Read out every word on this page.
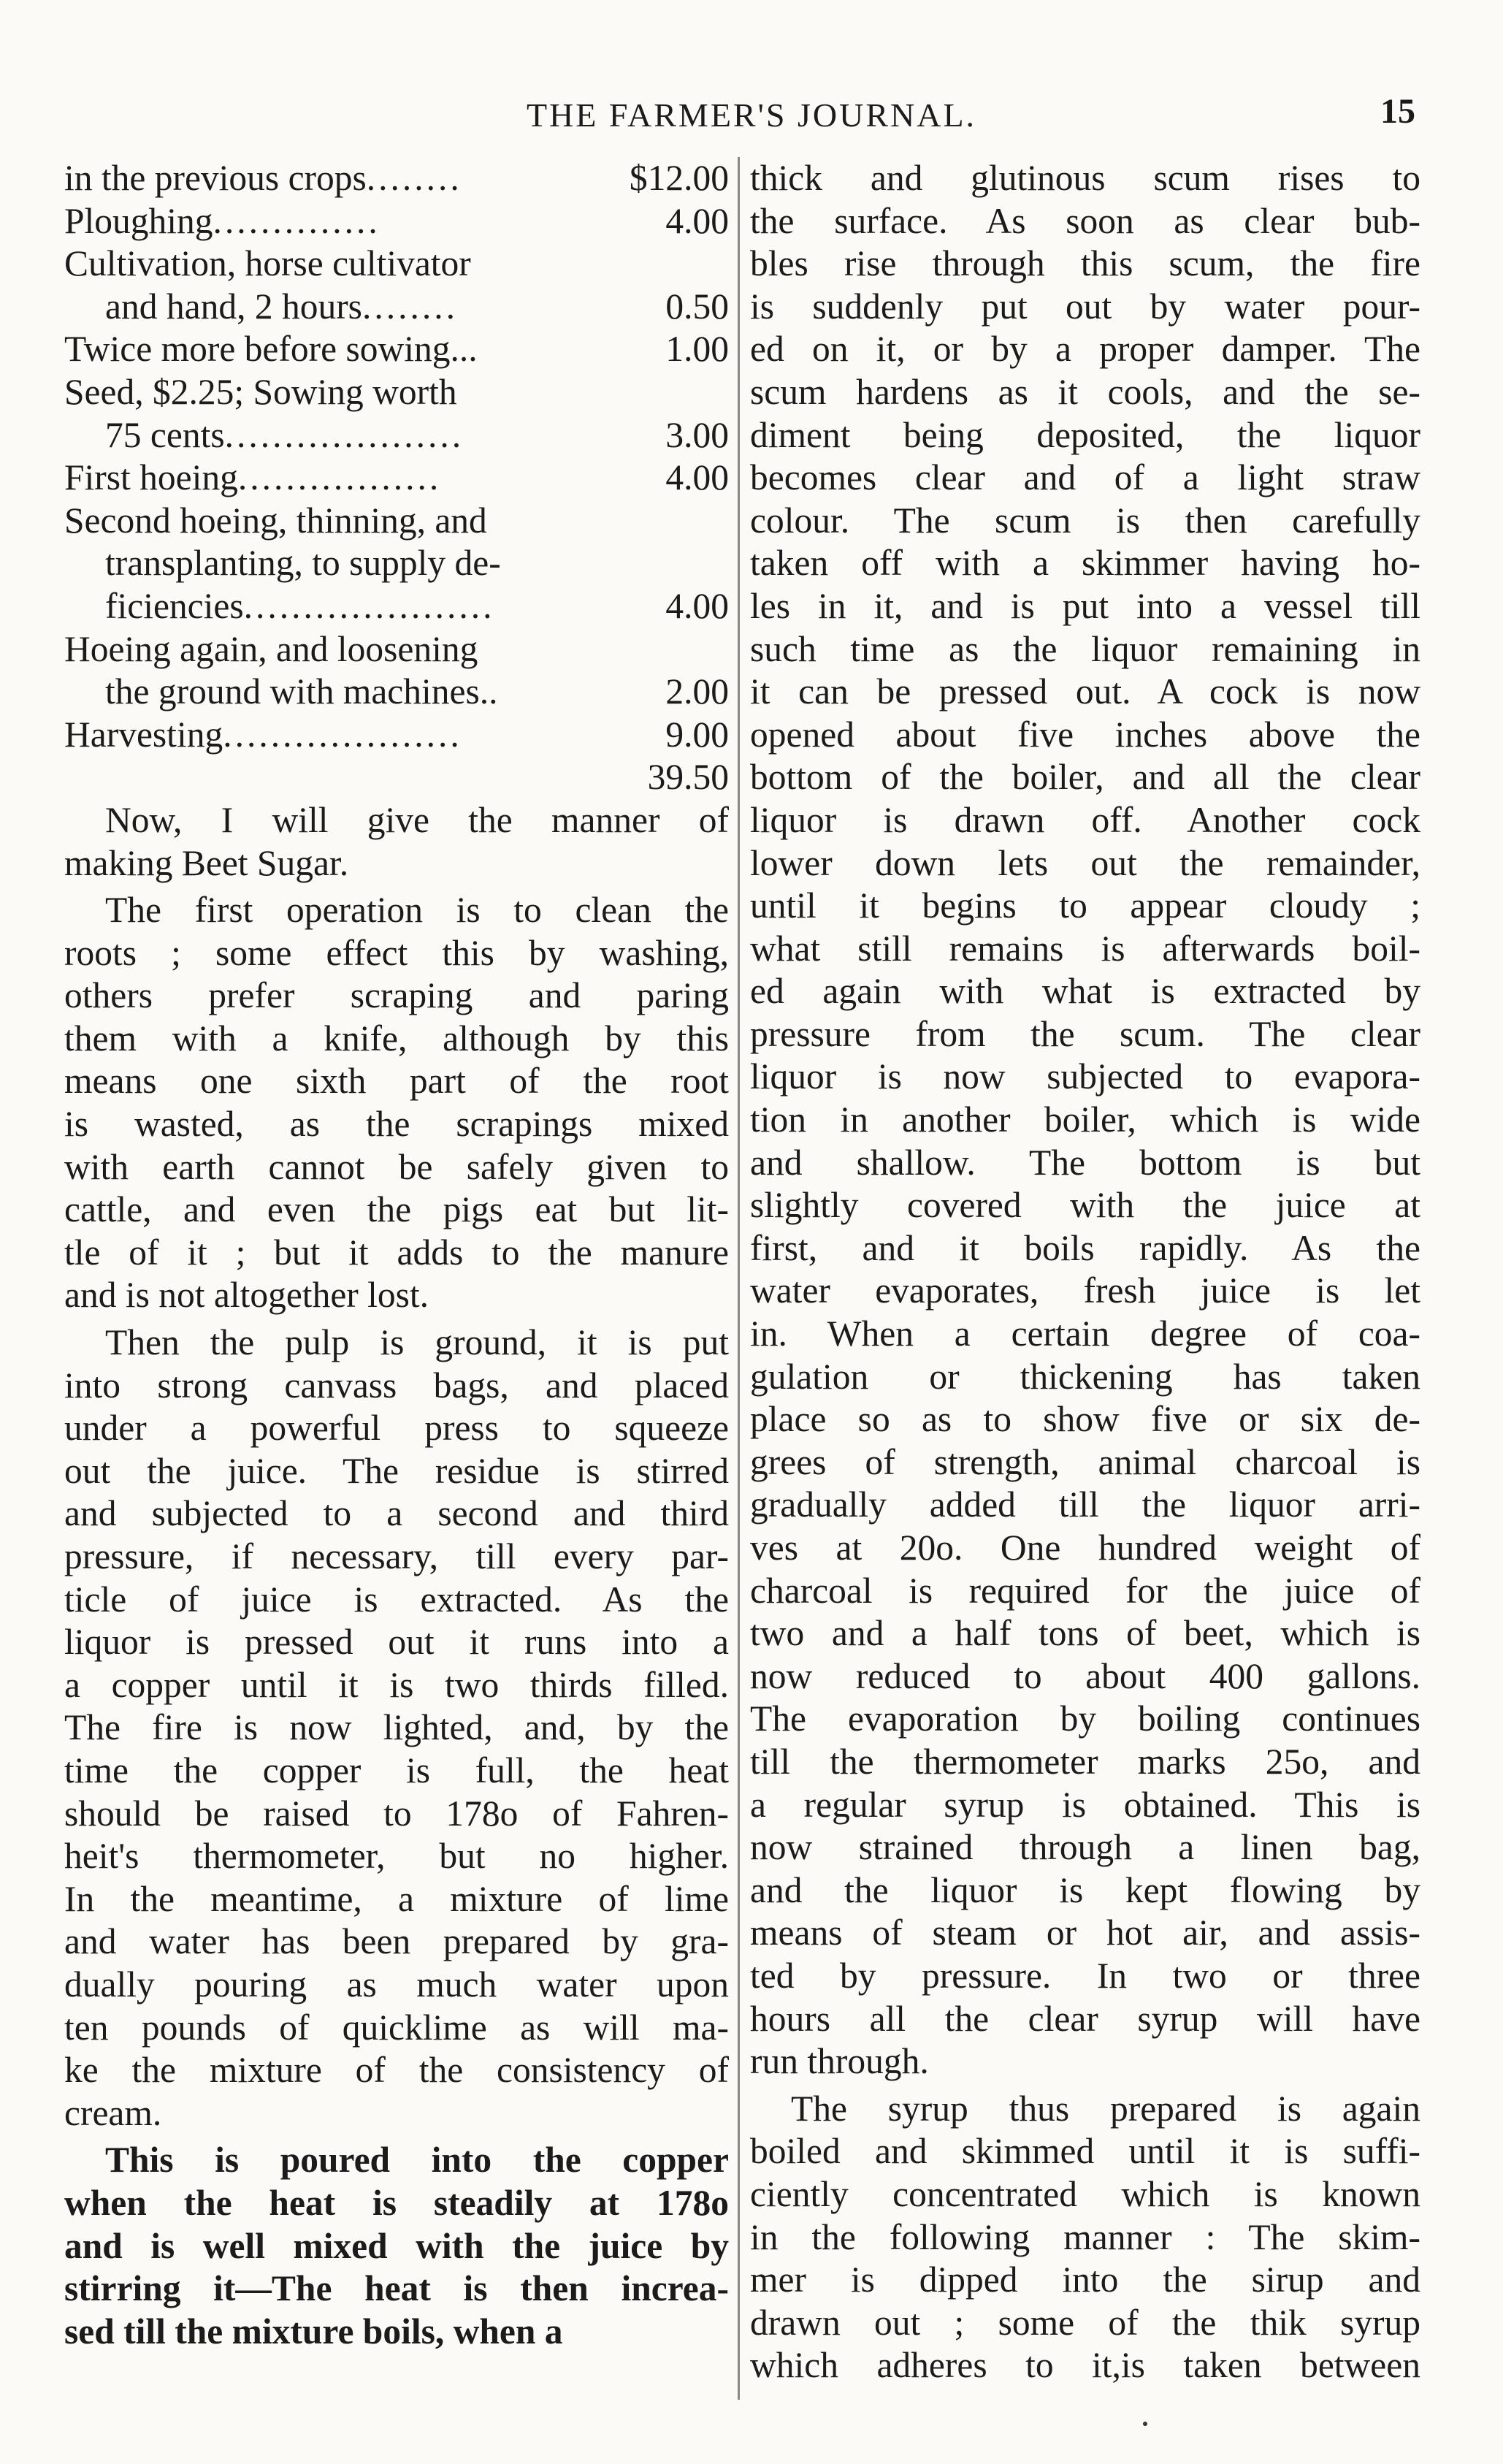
THE FARMER'S JOURNAL.	15
in the previous crops ........	$12.00
Ploughing ..............	4.00
Cultivation, horse cultivator
and hand, 2 hours ........	0.50
Twice more before sowing...	1.00
Seed, $2.25; Sowing worth
75 cents ....................	3.00
First hoeing .................	4.00
Second hoeing, thinning, and
transplanting, to supply de-
ficiencies .....................	4.00
Hoeing again, and loosening
the ground with machines..	2.00
Harvesting ....................	9.00
39.50
Now, I will give the manner of
making Beet Sugar.
The first operation is to clean the
roots ; some effect this by washing,
others prefer scraping and paring
them with a knife, although by this
means one sixth part of the root
is wasted, as the scrapings mixed
with earth cannot be safely given to
cattle, and even the pigs eat but lit-
tle of it ; but it adds to the manure
and is not altogether lost.
Then the pulp is ground, it is put
into strong canvass bags, and placed
under a powerful press to squeeze
out the juice. The residue is stirred
and subjected to a second and third
pressure, if necessary, till every par-
ticle of juice is extracted. As the
liquor is pressed out it runs into a
a copper until it is two thirds filled.
The fire is now lighted, and, by the
time the copper is full, the heat
should be raised to 178o of Fahren-
heit's thermometer, but no higher.
In the meantime, a mixture of lime
and water has been prepared by gra-
dually pouring as much water upon
ten pounds of quicklime as will ma-
ke the mixture of the consistency of
cream.
This is poured into the copper
when the heat is steadily at 178o
and is well mixed with the juice by
stirring it—The heat is then increa-
sed till the mixture boils, when a
thick and glutinous scum rises to
the surface. As soon as clear bub-
bles rise through this scum, the fire
is suddenly put out by water pour-
ed on it, or by a proper damper. The
scum hardens as it cools, and the se-
diment being deposited, the liquor
becomes clear and of a light straw
colour. The scum is then carefully
taken off with a skimmer having ho-
les in it, and is put into a vessel till
such time as the liquor remaining in
it can be pressed out. A cock is now
opened about five inches above the
bottom of the boiler, and all the clear
liquor is drawn off. Another cock
lower down lets out the remainder,
until it begins to appear cloudy ;
what still remains is afterwards boil-
ed again with what is extracted by
pressure from the scum. The clear
liquor is now subjected to evapora-
tion in another boiler, which is wide
and shallow. The bottom is but
slightly covered with the juice at
first, and it boils rapidly. As the
water evaporates, fresh juice is let
in. When a certain degree of coa-
gulation or thickening has taken
place so as to show five or six de-
grees of strength, animal charcoal is
gradually added till the liquor arri-
ves at 20o. One hundred weight of
charcoal is required for the juice of
two and a half tons of beet, which is
now reduced to about 400 gallons.
The evaporation by boiling continues
till the thermometer marks 25o, and
a regular syrup is obtained. This is
now strained through a linen bag,
and the liquor is kept flowing by
means of steam or hot air, and assis-
ted by pressure. In two or three
hours all the clear syrup will have
run through.
The syrup thus prepared is again
boiled and skimmed until it is suffi-
ciently concentrated which is known
in the following manner : The skim-
mer is dipped into the sirup and
drawn out ; some of the thik syrup
which adheres to it,is taken between
